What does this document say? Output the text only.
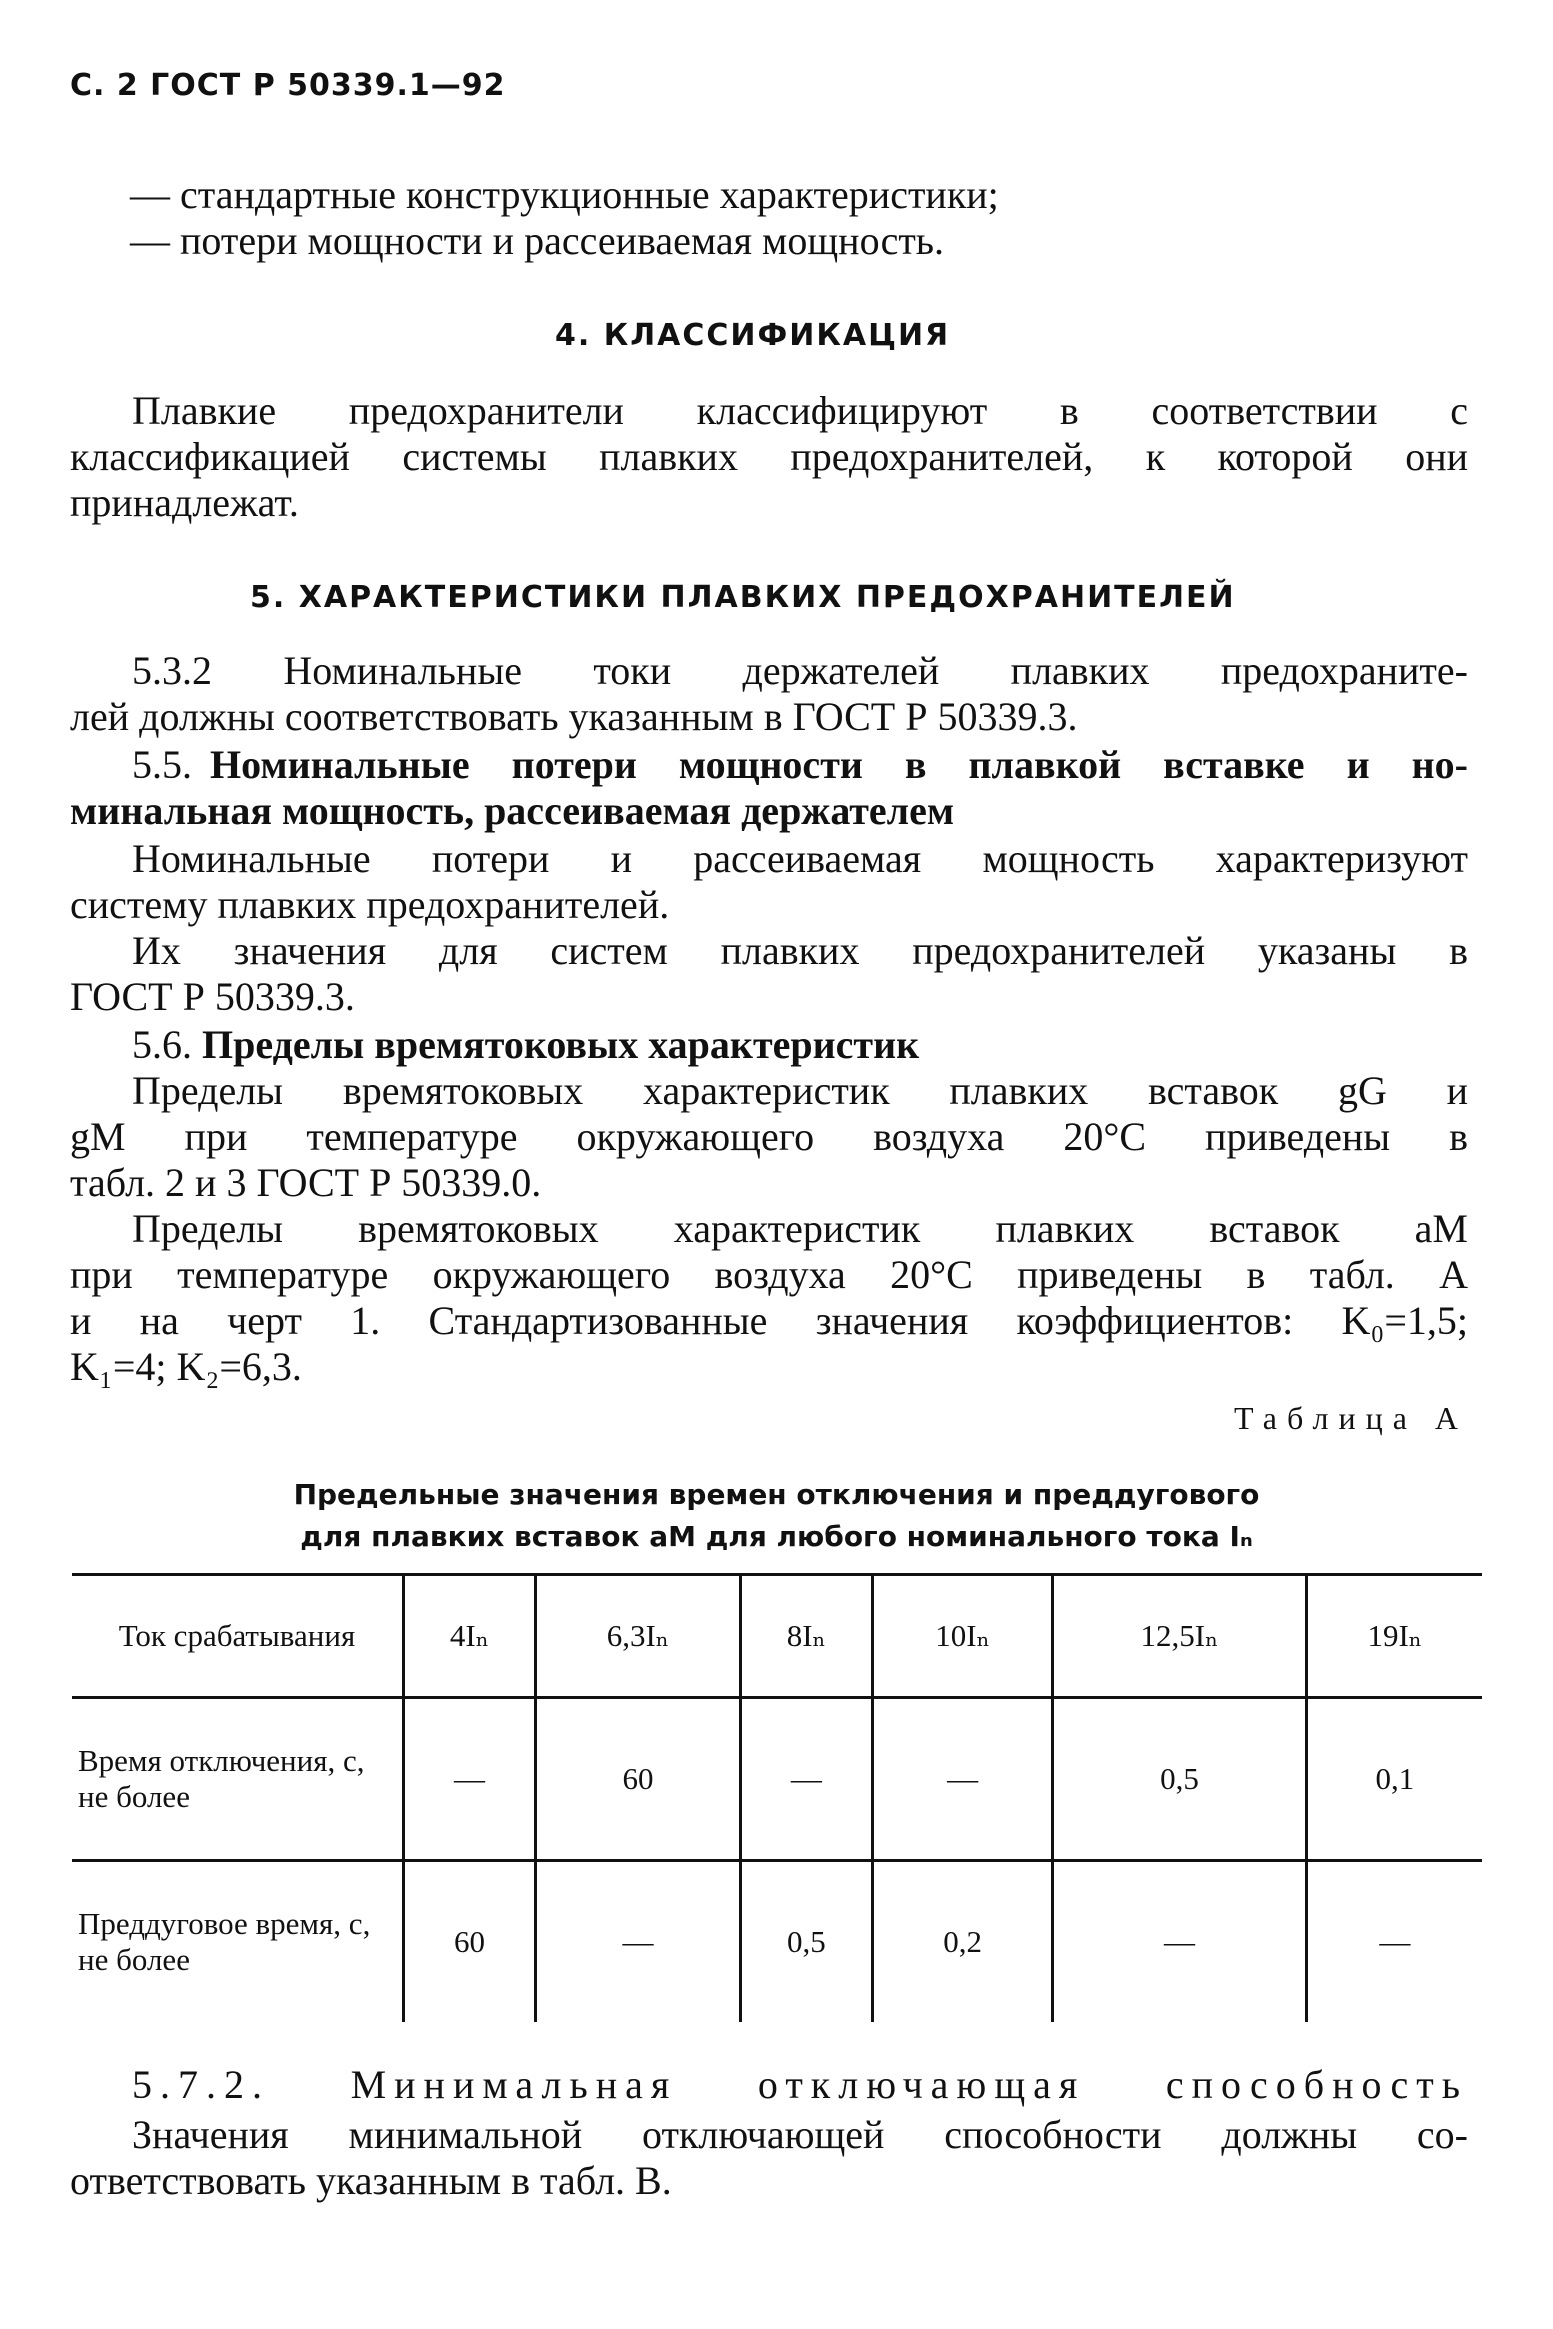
С. 2 ГОСТ Р 50339.1—92
— стандартные конструкционные характеристики;
— потери мощности и рассеиваемая мощность.
4. КЛАССИФИКАЦИЯ
Плавкие предохранители классифицируют в соответствии с
классификацией системы плавких предохранителей, к которой они
принадлежат.
5. ХАРАКТЕРИСТИКИ ПЛАВКИХ ПРЕДОХРАНИТЕЛЕЙ
5.3.2 Номинальные токи держателей плавких предохраните-
лей должны соответствовать указанным в ГОСТ Р 50339.3.
5.5. Номинальные потери мощности в плавкой вставке и но-
минальная мощность, рассеиваемая держателем
Номинальные потери и рассеиваемая мощность характеризуют
систему плавких предохранителей.
Их значения для систем плавких предохранителей указаны в
ГОСТ Р 50339.3.
5.6. Пределы времятоковых характеристик
Пределы времятоковых характеристик плавких вставок gG и
gM при температуре окружающего воздуха 20°С приведены в
табл. 2 и 3 ГОСТ Р 50339.0.
Пределы времятоковых характеристик плавких вставок aM
при температуре окружающего воздуха 20°С приведены в табл. А
и на черт 1. Стандартизованные значения коэффициентов: K₀=1,5;
K₁=4; K₂=6,3.
Таблица А
Предельные значения времен отключения и преддугового
для плавких вставок aM для любого номинального тока Iₙ
Ток срабатывания	4Iₙ	6,3Iₙ	8Iₙ	10Iₙ	12,5Iₙ	19Iₙ

Время отключения, с,
не более	—	60	—	—	0,5	0,1

Преддуговое время, с,
не более	60	—	0,5	0,2	—	—
5.7.2. Минимальная отключающая способность
Значения минимальной отключающей способности должны со-
ответствовать указанным в табл. В.
